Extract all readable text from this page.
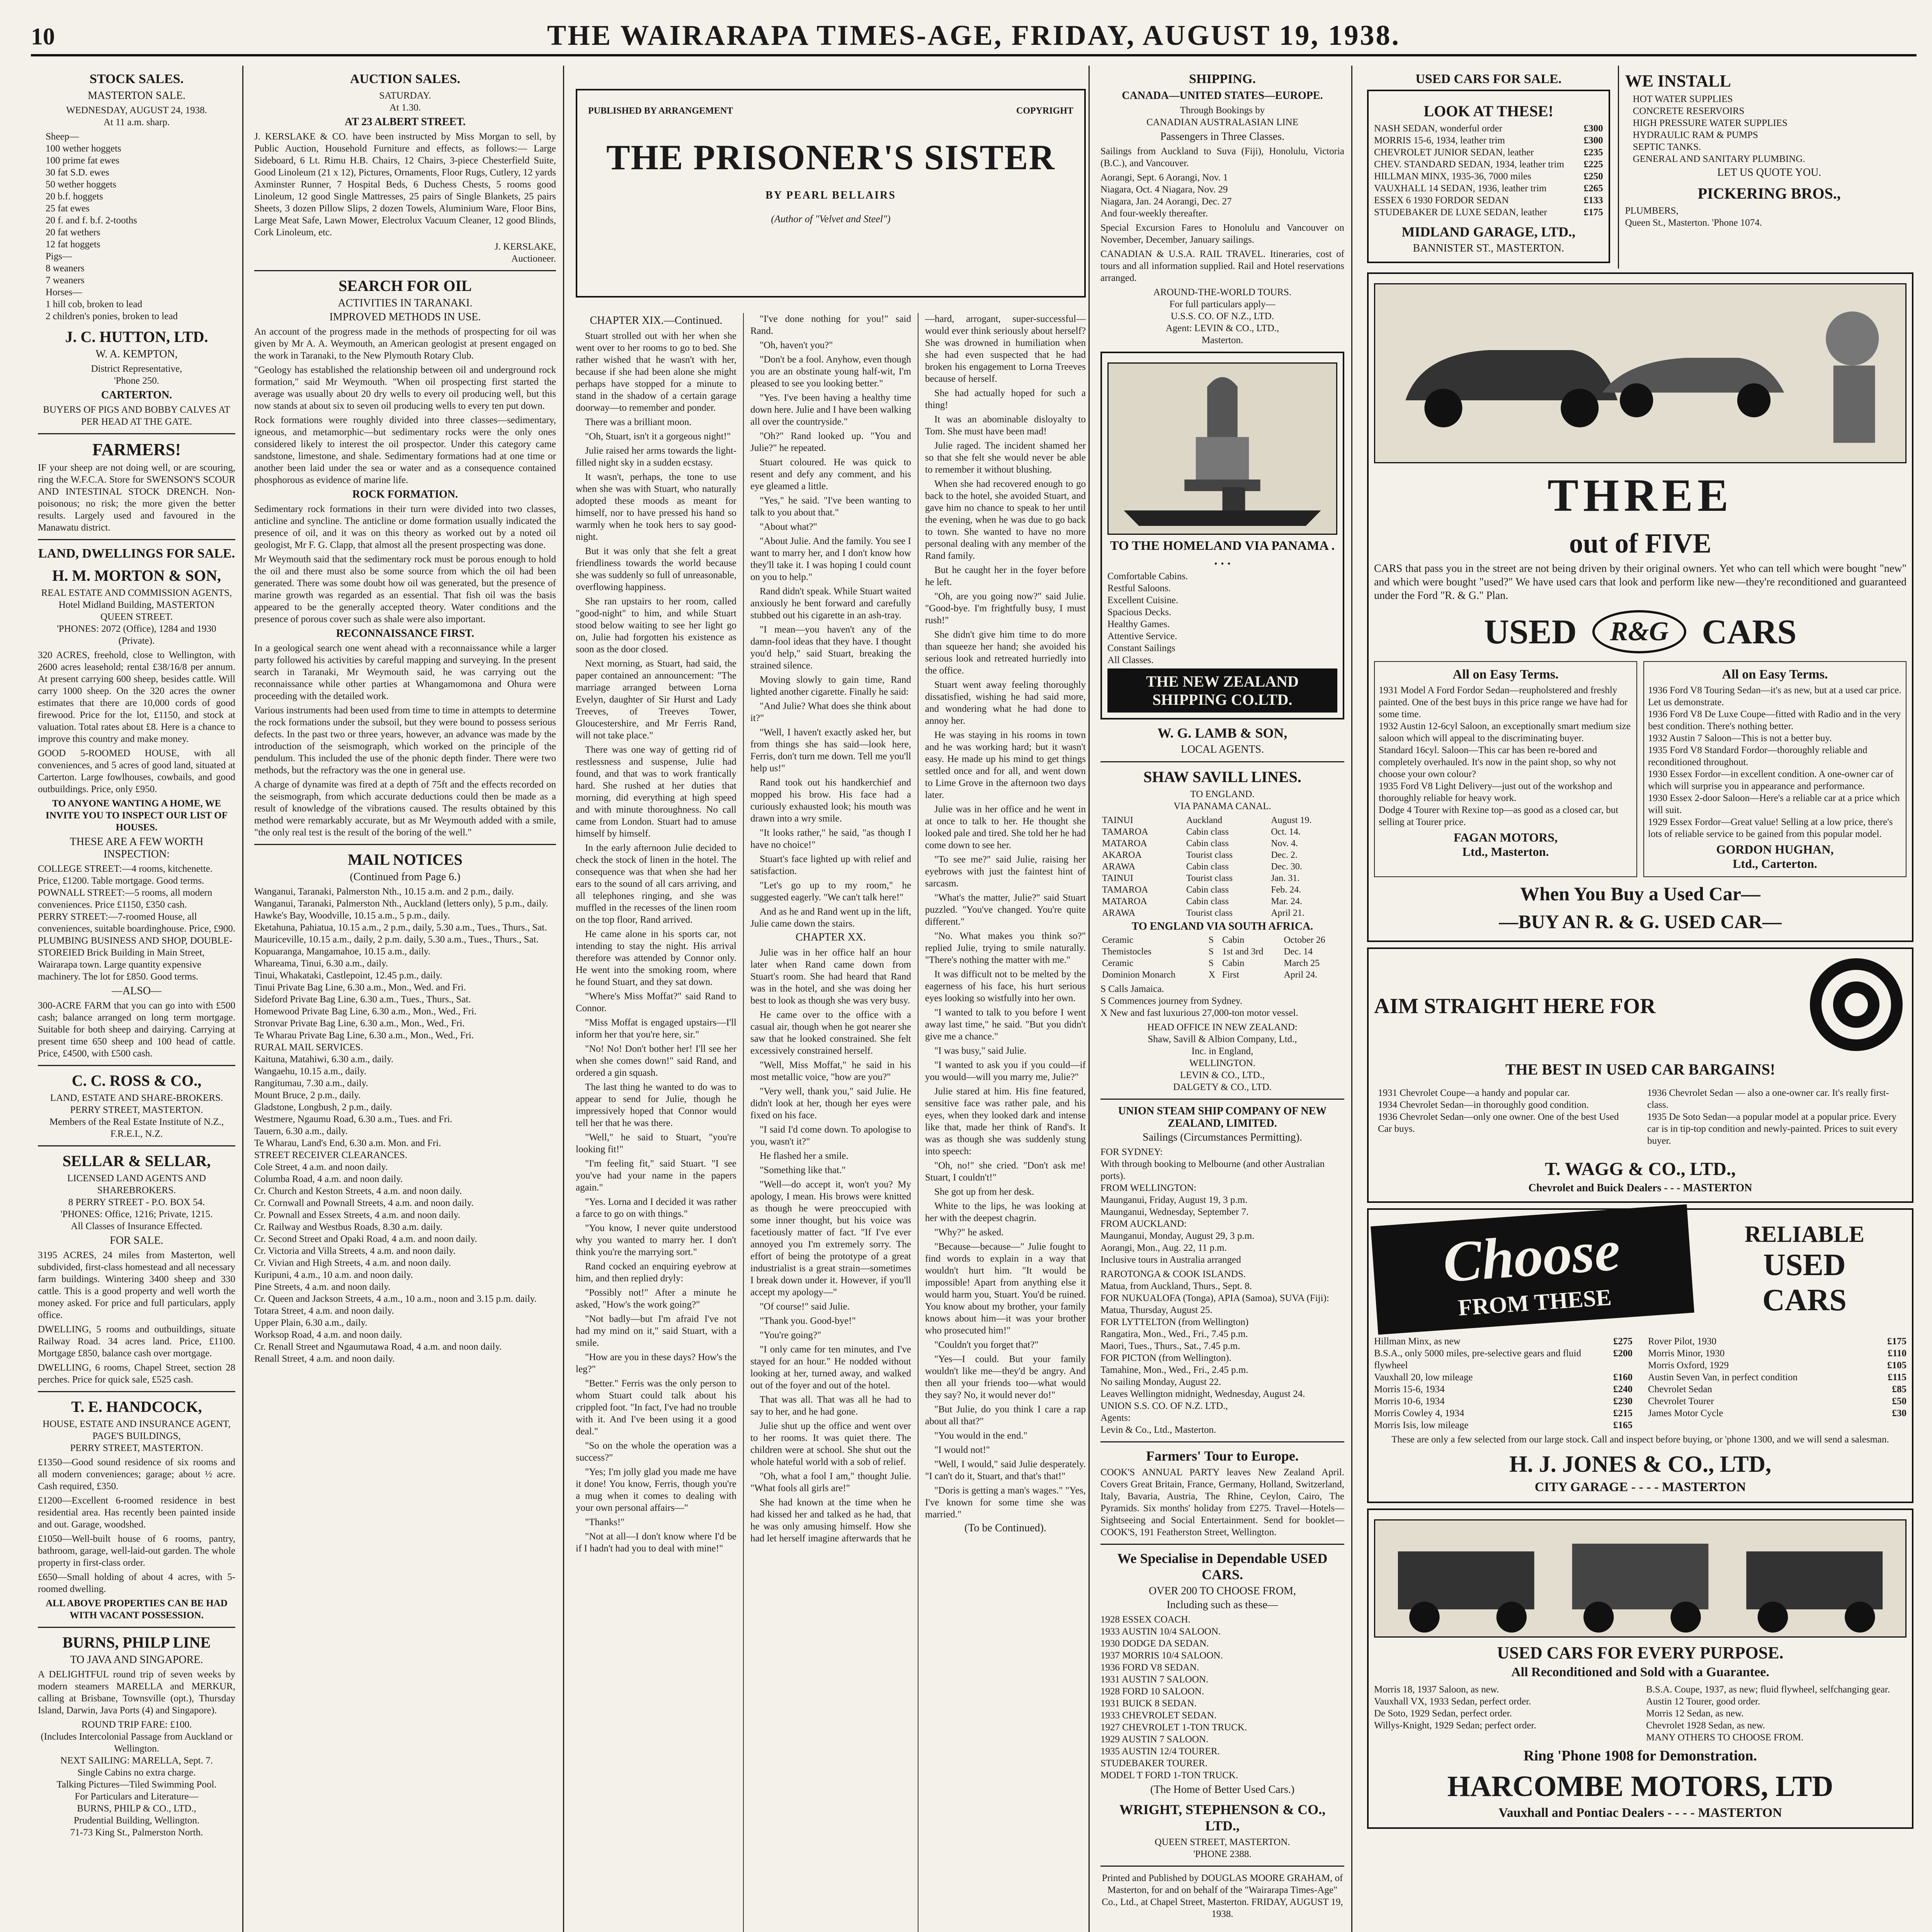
10	THE WAIRARAPA TIMES-AGE, FRIDAY, AUGUST 19, 1938.
STOCK SALES.
MASTERTON SALE.
WEDNESDAY, AUGUST 24, 1938.
At 11 a.m. sharp.
Sheep—
100 wether hoggets
100 prime fat ewes
30 fat S.D. ewes
50 wether hoggets
20 b.f. hoggets
25 fat ewes
20 f. and f. b.f. 2-tooths
20 fat wethers
12 fat hoggets
Pigs—
8 weaners
7 weaners
Horses—
1 hill cob, broken to lead
2 children's ponies, broken to lead
J. C. HUTTON, LTD.
W. A. KEMPTON,
District Representative,
'Phone 250.
CARTERTON.
BUYERS OF PIGS AND BOBBY CALVES AT PER HEAD AT THE GATE.
FARMERS!
IF your sheep are not doing well, or are scouring, ring the W.F.C.A. Store for SWENSON'S SCOUR AND INTESTINAL STOCK DRENCH. Non-poisonous; no risk; the more given the better results. Largely used and favoured in the Manawatu district.
LAND, DWELLINGS FOR SALE.
H. M. MORTON & SON,
REAL ESTATE AND COMMISSION AGENTS,
Hotel Midland Building, MASTERTON
QUEEN STREET.
'PHONES: 2072 (Office), 1284 and 1930 (Private).
320 ACRES, freehold, close to Wellington, with 2600 acres leasehold; rental £38/16/8 per annum. At present carrying 600 sheep, besides cattle. Will carry 1000 sheep. On the 320 acres the owner estimates that there are 10,000 cords of good firewood. Price for the lot, £1150, and stock at valuation. Total rates about £8. Here is a chance to improve this country and make money.
GOOD 5-ROOMED HOUSE, with all conveniences, and 5 acres of good land, situated at Carterton. Large fowlhouses, cowbails, and good outbuildings. Price, only £950.
TO ANYONE WANTING A HOME, WE INVITE YOU TO INSPECT OUR LIST OF HOUSES.
THESE ARE A FEW WORTH INSPECTION:
COLLEGE STREET:—4 rooms, kitchenette. Price, £1200. Table mortgage. Good terms.
POWNALL STREET:—5 rooms, all modern conveniences. Price £1150, £350 cash.
PERRY STREET:—7-roomed House, all conveniences, suitable boardinghouse. Price, £900.
PLUMBING BUSINESS AND SHOP, DOUBLE-STOREIED Brick Building in Main Street, Wairarapa town. Large quantity expensive machinery. The lot for £850. Good terms.
—ALSO—
300-ACRE FARM that you can go into with £500 cash; balance arranged on long term mortgage. Suitable for both sheep and dairying. Carrying at present time 650 sheep and 100 head of cattle. Price, £4500, with £500 cash.
C. C. ROSS & CO.,
LAND, ESTATE AND SHARE-BROKERS.
PERRY STREET, MASTERTON.
Members of the Real Estate Institute of N.Z., F.R.E.I., N.Z.
SELLAR & SELLAR,
LICENSED LAND AGENTS AND SHAREBROKERS.
8 PERRY STREET - P.O. BOX 54.
'PHONES: Office, 1216; Private, 1215.
All Classes of Insurance Effected.
FOR SALE.
3195 ACRES, 24 miles from Masterton, well subdivided, first-class homestead and all necessary farm buildings. Wintering 3400 sheep and 330 cattle. This is a good property and well worth the money asked. For price and full particulars, apply office.
DWELLING, 5 rooms and outbuildings, situate Railway Road. 34 acres land. Price, £1100. Mortgage £850, balance cash over mortgage.
DWELLING, 6 rooms, Chapel Street, section 28 perches. Price for quick sale, £525 cash.
T. E. HANDCOCK,
HOUSE, ESTATE AND INSURANCE AGENT,
PAGE'S BUILDINGS,
PERRY STREET, MASTERTON.
£1350—Good sound residence of six rooms and all modern conveniences; garage; about ½ acre. Cash required, £350.
£1200—Excellent 6-roomed residence in best residential area. Has recently been painted inside and out. Garage, woodshed.
£1050—Well-built house of 6 rooms, pantry, bathroom, garage, well-laid-out garden. The whole property in first-class order.
£650—Small holding of about 4 acres, with 5-roomed dwelling.
ALL ABOVE PROPERTIES CAN BE HAD WITH VACANT POSSESSION.
BURNS, PHILP LINE
TO JAVA AND SINGAPORE.
A DELIGHTFUL round trip of seven weeks by modern steamers MARELLA and MERKUR, calling at Brisbane, Townsville (opt.), Thursday Island, Darwin, Java Ports (4) and Singapore).
ROUND TRIP FARE: £100.
(Includes Intercolonial Passage from Auckland or Wellington.
NEXT SAILING: MARELLA, Sept. 7.
Single Cabins no extra charge.
Talking Pictures—Tiled Swimming Pool.
For Particulars and Literature—
BURNS, PHILP & CO., LTD.,
Prudential Building, Wellington.
71-73 King St., Palmerston North.
AUCTION SALES.
SATURDAY.
At 1.30.
AT 23 ALBERT STREET.
J. KERSLAKE & CO. have been instructed by Miss Morgan to sell, by Public Auction, Household Furniture and effects, as follows:— Large Sideboard, 6 Lt. Rimu H.B. Chairs, 12 Chairs, 3-piece Chesterfield Suite, Good Linoleum (21 x 12), Pictures, Ornaments, Floor Rugs, Cutlery, 12 yards Axminster Runner, 7 Hospital Beds, 6 Duchess Chests, 5 rooms good Linoleum, 12 good Single Mattresses, 25 pairs of Single Blankets, 25 pairs Sheets, 3 dozen Pillow Slips, 2 dozen Towels, Aluminium Ware, Floor Bins, Large Meat Safe, Lawn Mower, Electrolux Vacuum Cleaner, 12 good Blinds, Cork Linoleum, etc.
J. KERSLAKE,
Auctioneer.
SEARCH FOR OIL
ACTIVITIES IN TARANAKI.
IMPROVED METHODS IN USE.
An account of the progress made in the methods of prospecting for oil was given by Mr A. A. Weymouth, an American geologist at present engaged on the work in Taranaki, to the New Plymouth Rotary Club.
"Geology has established the relationship between oil and underground rock formation," said Mr Weymouth. "When oil prospecting first started the average was usually about 20 dry wells to every oil producing well, but this now stands at about six to seven oil producing wells to every ten put down.
Rock formations were roughly divided into three classes—sedimentary, igneous, and metamorphic—but sedimentary rocks were the only ones considered likely to interest the oil prospector. Under this category came sandstone, limestone, and shale. Sedimentary formations had at one time or another been laid under the sea or water and as a consequence contained phosphorous as evidence of marine life.
ROCK FORMATION.
Sedimentary rock formations in their turn were divided into two classes, anticline and syncline. The anticline or dome formation usually indicated the presence of oil, and it was on this theory as worked out by a noted oil geologist, Mr F. G. Clapp, that almost all the present prospecting was done.
Mr Weymouth said that the sedimentary rock must be porous enough to hold the oil and there must also be some source from which the oil had been generated. There was some doubt how oil was generated, but the presence of marine growth was regarded as an essential. That fish oil was the basis appeared to be the generally accepted theory. Water conditions and the presence of porous cover such as shale were also important.
RECONNAISSANCE FIRST.
In a geological search one went ahead with a reconnaissance while a larger party followed his activities by careful mapping and surveying. In the present search in Taranaki, Mr Weymouth said, he was carrying out the reconnaissance while other parties at Whangamomona and Ohura were proceeding with the detailed work.
Various instruments had been used from time to time in attempts to determine the rock formations under the subsoil, but they were bound to possess serious defects. In the past two or three years, however, an advance was made by the introduction of the seismograph, which worked on the principle of the pendulum. This included the use of the phonic depth finder. There were two methods, but the refractory was the one in general use.
A charge of dynamite was fired at a depth of 75ft and the effects recorded on the seismograph, from which accurate deductions could then be made as a result of knowledge of the vibrations caused. The results obtained by this method were remarkably accurate, but as Mr Weymouth added with a smile, "the only real test is the result of the boring of the well."
MAIL NOTICES
(Continued from Page 6.)
Wanganui, Taranaki, Palmerston Nth., 10.15 a.m. and 2 p.m., daily.
Wanganui, Taranaki, Palmerston Nth., Auckland (letters only), 5 p.m., daily.
Hawke's Bay, Woodville, 10.15 a.m., 5 p.m., daily.
Eketahuna, Pahiatua, 10.15 a.m., 2 p.m., daily, 5.30 a.m., Tues., Thurs., Sat.
Mauriceville, 10.15 a.m., daily, 2 p.m. daily, 5.30 a.m., Tues., Thurs., Sat.
Kopuaranga, Mangamahoe, 10.15 a.m., daily.
Whareama, Tinui, 6.30 a.m., daily.
Tinui, Whakataki, Castlepoint, 12.45 p.m., daily.
Tinui Private Bag Line, 6.30 a.m., Mon., Wed. and Fri.
Sideford Private Bag Line, 6.30 a.m., Tues., Thurs., Sat.
Homewood Private Bag Line, 6.30 a.m., Mon., Wed., Fri.
Stronvar Private Bag Line, 6.30 a.m., Mon., Wed., Fri.
Te Wharau Private Bag Line, 6.30 a.m., Mon., Wed., Fri.
RURAL MAIL SERVICES.
Kaituna, Matahiwi, 6.30 a.m., daily.
Wangaehu, 10.15 a.m., daily.
Rangitumau, 7.30 a.m., daily.
Mount Bruce, 2 p.m., daily.
Gladstone, Longbush, 2 p.m., daily.
Westmere, Ngaumu Road, 6.30 a.m., Tues. and Fri.
Tauern, 6.30 a.m., daily.
Te Wharau, Land's End, 6.30 a.m. Mon. and Fri.
STREET RECEIVER CLEARANCES.
Cole Street, 4 a.m. and noon daily.
Columba Road, 4 a.m. and noon daily.
Cr. Church and Keston Streets, 4 a.m. and noon daily.
Cr. Cornwall and Pownall Streets, 4 a.m. and noon daily.
Cr. Pownall and Essex Streets, 4 a.m. and noon daily.
Cr. Railway and Westbus Roads, 8.30 a.m. daily.
Cr. Second Street and Opaki Road, 4 a.m. and noon daily.
Cr. Victoria and Villa Streets, 4 a.m. and noon daily.
Cr. Vivian and High Streets, 4 a.m. and noon daily.
Kuripuni, 4 a.m., 10 a.m. and noon daily.
Pine Streets, 4 a.m. and noon daily.
Cr. Queen and Jackson Streets, 4 a.m., 10 a.m., noon and 3.15 p.m. daily.
Totara Street, 4 a.m. and noon daily.
Upper Plain, 6.30 a.m., daily.
Worksop Road, 4 a.m. and noon daily.
Cr. Renall Street and Ngaumutawa Road, 4 a.m. and noon daily.
Renall Street, 4 a.m. and noon daily.
PUBLISHED BY ARRANGEMENT	COPYRIGHT
THE PRISONER'S SISTER
BY PEARL BELLAIRS
(Author of "Velvet and Steel")
CHAPTER XIX.—Continued.

Stuart strolled out with her when she went over to her rooms to go to bed. She rather wished that he wasn't with her, because if she had been alone she might perhaps have stopped for a minute to stand in the shadow of a certain garage doorway—to remember and ponder.

There was a brilliant moon.

"Oh, Stuart, isn't it a gorgeous night!"

Julie raised her arms towards the light-filled night sky in a sudden ecstasy.

It wasn't, perhaps, the tone to use when she was with Stuart, who naturally adopted these moods as meant for himself, nor to have pressed his hand so warmly when he took hers to say good-night.

But it was only that she felt a great friendliness towards the world because she was suddenly so full of unreasonable, overflowing happiness.

She ran upstairs to her room, called "good-night" to him, and while Stuart stood below waiting to see her light go on, Julie had forgotten his existence as soon as the door closed.

Next morning, as Stuart, had said, the paper contained an announcement: "The marriage arranged between Lorna Evelyn, daughter of Sir Hurst and Lady Treeves, of Treeves Tower, Gloucestershire, and Mr Ferris Rand, will not take place."

There was one way of getting rid of restlessness and suspense, Julie had found, and that was to work frantically hard. She rushed at her duties that morning, did everything at high speed and with minute thoroughness. No call came from London. Stuart had to amuse himself by himself.

In the early afternoon Julie decided to check the stock of linen in the hotel. The consequence was that when she had her ears to the sound of all cars arriving, and all telephones ringing, and she was muffled in the recesses of the linen room on the top floor, Rand arrived.

He came alone in his sports car, not intending to stay the night. His arrival therefore was attended by Connor only. He went into the smoking room, where he found Stuart, and they sat down.

"Where's Miss Moffat?" said Rand to Connor.

"Miss Moffat is engaged upstairs—I'll inform her that you're here, sir."

"No! No! Don't bother her! I'll see her when she comes down!" said Rand, and ordered a gin squash.

The last thing he wanted to do was to appear to send for Julie, though he impressively hoped that Connor would tell her that he was there.

"Well," he said to Stuart, "you're looking fit!"

"I'm feeling fit," said Stuart. "I see you've had your name in the papers again."

"Yes. Lorna and I decided it was rather a farce to go on with things."

"You know, I never quite understood why you wanted to marry her. I don't think you're the marrying sort."

Rand cocked an enquiring eyebrow at him, and then replied dryly:

"Possibly not!" After a minute he asked, "How's the work going?"

"Not badly—but I'm afraid I've not had my mind on it," said Stuart, with a smile.

"How are you in these days? How's the leg?"

"Better." Ferris was the only person to whom Stuart could talk about his crippled foot. "In fact, I've had no trouble with it. And I've been using it a good deal."

"So on the whole the operation was a success?"

"Yes; I'm jolly glad you made me have it done! You know, Ferris, though you're a mug when it comes to dealing with your own personal affairs—"

"Thanks!"

"Not at all—I don't know where I'd be if I hadn't had you to deal with mine!"

"I've done nothing for you!" said Rand.

"Oh, haven't you?"

"Don't be a fool. Anyhow, even though you are an obstinate young half-wit, I'm pleased to see you looking better."

"Yes. I've been having a healthy time down here. Julie and I have been walking all over the countryside."

"Oh?" Rand looked up. "You and Julie?" he repeated.

Stuart coloured. He was quick to resent and defy any comment, and his eye gleamed a little.

"Yes," he said. "I've been wanting to talk to you about that."

"About what?"

"About Julie. And the family. You see I want to marry her, and I don't know how they'll take it. I was hoping I could count on you to help."

Rand didn't speak. While Stuart waited anxiously he bent forward and carefully stubbed out his cigarette in an ash-tray.

"I mean—you haven't any of the damn-fool ideas that they have. I thought you'd help," said Stuart, breaking the strained silence.

Moving slowly to gain time, Rand lighted another cigarette. Finally he said:

"And Julie? What does she think about it?"

"Well, I haven't exactly asked her, but from things she has said—look here, Ferris, don't turn me down. Tell me you'll help us!"

Rand took out his handkerchief and mopped his brow. His face had a curiously exhausted look; his mouth was drawn into a wry smile.

"It looks rather," he said, "as though I have no choice!"

Stuart's face lighted up with relief and satisfaction.

"Let's go up to my room," he suggested eagerly. "We can't talk here!"

And as he and Rand went up in the lift, Julie came down the stairs.

CHAPTER XX.

Julie was in her office half an hour later when Rand came down from Stuart's room. She had heard that Rand was in the hotel, and she was doing her best to look as though she was very busy.

He came over to the office with a casual air, though when he got nearer she saw that he looked constrained. She felt excessively constrained herself.

"Well, Miss Moffat," he said in his most metallic voice, "how are you?"

"Very well, thank you," said Julie. He didn't look at her, though her eyes were fixed on his face.

"I said I'd come down. To apologise to you, wasn't it?"

He flashed her a smile.

"Something like that."

"Well—do accept it, won't you? My apology, I mean. His brows were knitted as though he were preoccupied with some inner thought, but his voice was facetiously matter of fact. "If I've ever annoyed you I'm extremely sorry. The effort of being the prototype of a great industrialist is a great strain—sometimes I break down under it. However, if you'll accept my apology—"

"Of course!" said Julie.

"Thank you. Good-bye!"

"You're going?"

"I only came for ten minutes, and I've stayed for an hour." He nodded without looking at her, turned away, and walked out of the foyer and out of the hotel.

That was all. That was all he had to say to her, and he had gone.

Julie shut up the office and went over to her rooms. It was quiet there. The children were at school. She shut out the whole hateful world with a sob of relief.

"Oh, what a fool I am," thought Julie. "What fools all girls are!"

She had known at the time when he had kissed her and talked as he had, that he was only amusing himself. How she had let herself imagine afterwards that he—hard, arrogant, super-successful—would ever think seriously about herself? She was drowned in humiliation when she had even suspected that he had broken his engagement to Lorna Treeves because of herself.

She had actually hoped for such a thing!

It was an abominable disloyalty to Tom. She must have been mad!

Julie raged. The incident shamed her so that she felt she would never be able to remember it without blushing.

When she had recovered enough to go back to the hotel, she avoided Stuart, and gave him no chance to speak to her until the evening, when he was due to go back to town. She wanted to have no more personal dealing with any member of the Rand family.

But he caught her in the foyer before he left.

"Oh, are you going now?" said Julie. "Good-bye. I'm frightfully busy, I must rush!"

She didn't give him time to do more than squeeze her hand; she avoided his serious look and retreated hurriedly into the office.

Stuart went away feeling thoroughly dissatisfied, wishing he had said more, and wondering what he had done to annoy her.

He was staying in his rooms in town and he was working hard; but it wasn't easy. He made up his mind to get things settled once and for all, and went down to Lime Grove in the afternoon two days later.

Julie was in her office and he went in at once to talk to her. He thought she looked pale and tired. She told her he had come down to see her.

"To see me?" said Julie, raising her eyebrows with just the faintest hint of sarcasm.

"What's the matter, Julie?" said Stuart puzzled. "You've changed. You're quite different."

"No. What makes you think so?" replied Julie, trying to smile naturally. "There's nothing the matter with me."

It was difficult not to be melted by the eagerness of his face, his hurt serious eyes looking so wistfully into her own.

"I wanted to talk to you before I went away last time," he said. "But you didn't give me a chance."

"I was busy," said Julie.

"I wanted to ask you if you could—if you would—will you marry me, Julie?"

Julie stared at him. His fine featured, sensitive face was rather pale, and his eyes, when they looked dark and intense like that, made her think of Rand's. It was as though she was suddenly stung into speech:

"Oh, no!" she cried. "Don't ask me! Stuart, I couldn't!"

She got up from her desk.

White to the lips, he was looking at her with the deepest chagrin.

"Why?" he asked.

"Because—because—" Julie fought to find words to explain in a way that wouldn't hurt him. "It would be impossible! Apart from anything else it would harm you, Stuart. You'd be ruined. You know about my brother, your family knows about him—it was your brother who prosecuted him!"

"Couldn't you forget that?"

"Yes—I could. But your family wouldn't like me—they'd be angry. And then all your friends too—what would they say? No, it would never do!"

"But Julie, do you think I care a rap about all that?"

"You would in the end."

"I would not!"

"Well, I would," said Julie desperately. "I can't do it, Stuart, and that's that!"

"Doris is getting a man's wages." "Yes, I've known for some time she was married."

(To be Continued).
SHIPPING.
CANADA—UNITED STATES—EUROPE.
Through Bookings by
CANADIAN AUSTRALASIAN LINE
Passengers in Three Classes.
Sailings from Auckland to Suva (Fiji), Honolulu, Victoria (B.C.), and Vancouver.
Aorangi, Sept. 6 Aorangi, Nov. 1
Niagara, Oct. 4 Niagara, Nov. 29
Niagara, Jan. 24 Aorangi, Dec. 27
And four-weekly thereafter.
Special Excursion Fares to Honolulu and Vancouver on November, December, January sailings.
CANADIAN & U.S.A. RAIL TRAVEL. Itineraries, cost of tours and all information supplied. Rail and Hotel reservations arranged.
AROUND-THE-WORLD TOURS.
For full particulars apply—
U.S.S. CO. OF N.Z., LTD.
Agent: LEVIN & CO., LTD.,
Masterton.
TO THE HOMELAND VIA PANAMA . . . .
Comfortable Cabins.
Restful Saloons.
Excellent Cuisine.
Spacious Decks.
Healthy Games.
Attentive Service.
Constant Sailings
All Classes.
THE NEW ZEALAND SHIPPING CO.LTD.
W. G. LAMB & SON,
LOCAL AGENTS.
SHAW SAVILL LINES.
TO ENGLAND.
VIA PANAMA CANAL.
TAINUI	Auckland	August 19.
TAMAROA	Cabin class	Oct. 14.
MATAROA	Cabin class	Nov. 4.
AKAROA	Tourist class	Dec. 2.
ARAWA	Cabin class	Dec. 30.
TAINUI	Tourist class	Jan. 31.
TAMAROA	Cabin class	Feb. 24.
MATAROA	Cabin class	Mar. 24.
ARAWA	Tourist class	April 21.
TO ENGLAND VIA SOUTH AFRICA.
Ceramic	S	Cabin	October 26
Themistocles	S	1st and 3rd	Dec. 14
Ceramic	S	Cabin	March 25
Dominion Monarch	X	First	April 24.
S Calls Jamaica.
S Commences journey from Sydney.
X New and fast luxurious 27,000-ton motor vessel.
HEAD OFFICE IN NEW ZEALAND:
Shaw, Savill & Albion Company, Ltd.,
Inc. in England,
WELLINGTON.
LEVIN & CO., LTD.,
DALGETY & CO., LTD.
UNION STEAM SHIP COMPANY OF NEW ZEALAND, LIMITED.
Sailings (Circumstances Permitting).
FOR SYDNEY:
With through booking to Melbourne (and other Australian ports).
FROM WELLINGTON:
Maunganui, Friday, August 19, 3 p.m.
Maunganui, Wednesday, September 7.
FROM AUCKLAND:
Maunganui, Monday, August 29, 3 p.m.
Aorangi, Mon., Aug. 22, 11 p.m.
Inclusive tours in Australia arranged
RAROTONGA & COOK ISLANDS.
Matua, from Auckland, Thurs., Sept. 8.
FOR NUKUALOFA (Tonga), APIA (Samoa), SUVA (Fiji):
Matua, Thursday, August 25.
FOR LYTTELTON (from Wellington)
Rangatira, Mon., Wed., Fri., 7.45 p.m.
Maori, Tues., Thurs., Sat., 7.45 p.m.
FOR PICTON (from Wellington).
Tamahine, Mon., Wed., Fri., 2.45 p.m.
No sailing Monday, August 22.
Leaves Wellington midnight, Wednesday, August 24.
UNION S.S. CO. OF N.Z. LTD.,
Agents:
Levin & Co., Ltd., Masterton.
Farmers' Tour to Europe.
COOK'S ANNUAL PARTY leaves New Zealand April. Covers Great Britain, France, Germany, Holland, Switzerland, Italy, Bavaria, Austria, The Rhine, Ceylon, Cairo, The Pyramids. Six months' holiday from £275. Travel—Hotels—Sightseeing and Social Entertainment. Send for booklet—COOK'S, 191 Featherston Street, Wellington.
We Specialise in Dependable USED CARS.
OVER 200 TO CHOOSE FROM,
Including such as these—
1928 ESSEX COACH.
1933 AUSTIN 10/4 SALOON.
1930 DODGE DA SEDAN.
1937 MORRIS 10/4 SALOON.
1936 FORD V8 SEDAN.
1931 AUSTIN 7 SALOON.
1928 FORD 10 SALOON.
1931 BUICK 8 SEDAN.
1933 CHEVROLET SEDAN.
1927 CHEVROLET 1-TON TRUCK.
1929 AUSTIN 7 SALOON.
1935 AUSTIN 12/4 TOURER.
STUDEBAKER TOURER.
MODEL T FORD 1-TON TRUCK.
(The Home of Better Used Cars.)
WRIGHT, STEPHENSON & CO., LTD.,
QUEEN STREET, MASTERTON.
'PHONE 2388.
Printed and Published by DOUGLAS MOORE GRAHAM, of Masterton, for and on behalf of the "Wairarapa Times-Age" Co., Ltd., at Chapel Street, Masterton. FRIDAY, AUGUST 19, 1938.
USED CARS FOR SALE.
LOOK AT THESE!
NASH SEDAN, wonderful order	£300
MORRIS 15-6, 1934, leather trim	£300
CHEVROLET JUNIOR SEDAN, leather	£235
CHEV. STANDARD SEDAN, 1934, leather trim £225
HILLMAN MINX, 1935-36, 7000 miles	£250
VAUXHALL 14 SEDAN, 1936, leather trim	£265
ESSEX 6 1930 FORDOR SEDAN	£133
STUDEBAKER DE LUXE SEDAN, leather	£175
MIDLAND GARAGE, LTD.,
BANNISTER ST., MASTERTON.
WE INSTALL
HOT WATER SUPPLIES
CONCRETE RESERVOIRS
HIGH PRESSURE WATER SUPPLIES
HYDRAULIC RAM & PUMPS
SEPTIC TANKS.
GENERAL AND SANITARY PLUMBING.
LET US QUOTE YOU.
PICKERING BROS.,
PLUMBERS,
Queen St., Masterton. 'Phone 1074.
THREE
out of FIVE
CARS that pass you in the street are not being driven by their original owners. Yet who can tell which were bought "new" and which were bought "used?" We have used cars that look and perform like new—they're reconditioned and guaranteed under the Ford "R. & G." Plan.
USED	R&G CARS
All on Easy Terms.
1931 Model A Ford Fordor Sedan—reupholstered and freshly painted. One of the best buys in this price range we have had for some time.
1932 Austin 12-6cyl Saloon, an exceptionally smart medium size saloon which will appeal to the discriminating buyer.
Standard 16cyl. Saloon—This car has been re-bored and completely overhauled. It's now in the paint shop, so why not choose your own colour?
1935 Ford V8 Light Delivery—just out of the workshop and thoroughly reliable for heavy work.
Dodge 4 Tourer with Rexine top—as good as a closed car, but selling at Tourer price.
FAGAN MOTORS,
Ltd., Masterton.
All on Easy Terms.
1936 Ford V8 Touring Sedan—it's as new, but at a used car price. Let us demonstrate.
1936 Ford V8 De Luxe Coupe—fitted with Radio and in the very best condition. There's nothing better.
1932 Austin 7 Saloon—This is not a better buy.
1935 Ford V8 Standard Fordor—thoroughly reliable and reconditioned throughout.
1930 Essex Fordor—in excellent condition. A one-owner car of which will surprise you in appearance and performance.
1930 Essex 2-door Saloon—Here's a reliable car at a price which will suit.
1929 Essex Fordor—Great value! Selling at a low price, there's lots of reliable service to be gained from this popular model.
GORDON HUGHAN,
Ltd., Carterton.
When You Buy a Used Car—
—BUY AN R. & G. USED CAR—
AIM STRAIGHT HERE FOR
THE BEST IN USED CAR BARGAINS!
1931 Chevrolet Coupe—a handy and popular car.
1934 Chevrolet Sedan—in thoroughly good condition.
1936 Chevrolet Sedan—only one owner. One of the best Used Car buys.
1936 Chevrolet Sedan — also a one-owner car. It's really first-class.
1935 De Soto Sedan—a popular model at a popular price. Every car is in tip-top condition and newly-painted. Prices to suit every buyer.
T. WAGG & CO., LTD.,
Chevrolet and Buick Dealers - - - MASTERTON
Choose
FROM THESE
RELIABLE
USED
CARS
Hillman Minx, as new	£275
B.S.A., only 5000 miles, pre-selective gears and fluid flywheel
£200
Vauxhall 20, low mileage	£160
Morris 15-6, 1934	£240
Morris 10-6, 1934	£230
Morris Cowley 4, 1934	£215
Morris Isis, low mileage	£165
Rover Pilot, 1930	£175
Morris Minor, 1930	£110
Morris Oxford, 1929	£105
Austin Seven Van, in perfect condition	£115
Chevrolet Sedan	£85
Chevrolet Tourer	£50
James Motor Cycle	£30
These are only a few selected from our large stock. Call and inspect before buying, or 'phone 1300, and we will send a salesman.
H. J. JONES & CO., LTD,
CITY GARAGE - - - - MASTERTON
USED CARS FOR EVERY PURPOSE.
All Reconditioned and Sold with a Guarantee.
Morris 18, 1937 Saloon, as new.
Vauxhall VX, 1933 Sedan, perfect order.
De Soto, 1929 Sedan, perfect order.
Willys-Knight, 1929 Sedan; perfect order.
B.S.A. Coupe, 1937, as new; fluid flywheel, selfchanging gear.
Austin 12 Tourer, good order.
Morris 12 Sedan, as new.
Chevrolet 1928 Sedan, as new.
MANY OTHERS TO CHOOSE FROM.
Ring 'Phone 1908 for Demonstration.
HARCOMBE MOTORS, LTD
Vauxhall and Pontiac Dealers - - - - MASTERTON
